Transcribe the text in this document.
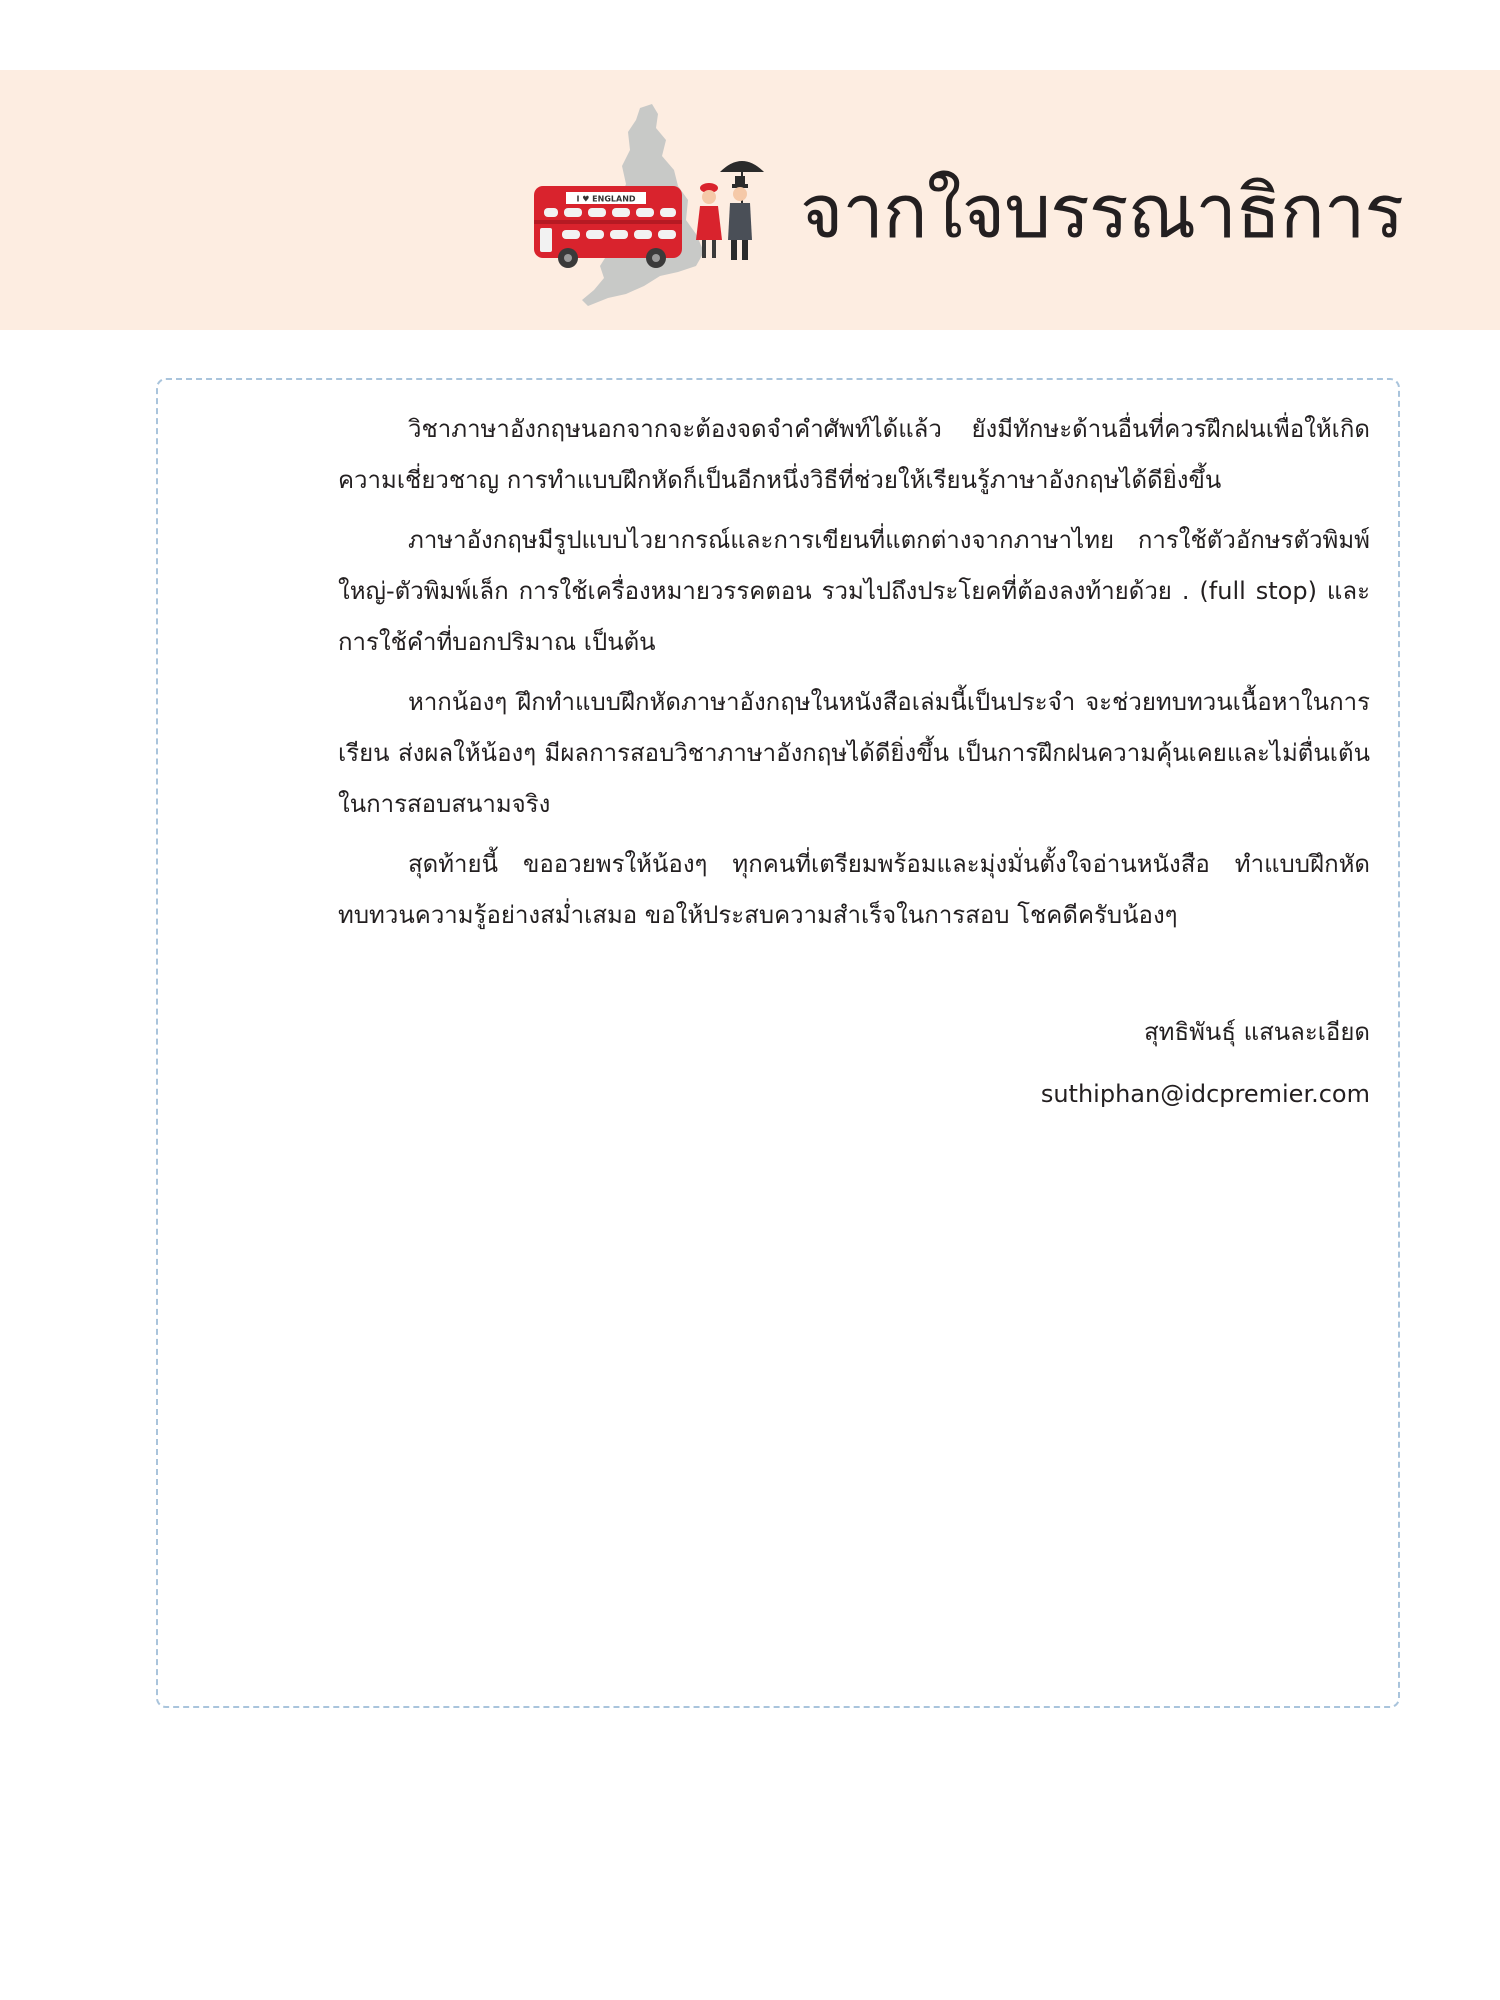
I ♥ ENGLAND จากใจบรรณาธิการ

วิชาภาษาอังกฤษนอกจากจะต้องจดจำคำศัพท์ได้แล้ว ยังมีทักษะด้านอื่นที่ควรฝึกฝนเพื่อให้เกิดความเชี่ยวชาญ การทำแบบฝึกหัดก็เป็นอีกหนึ่งวิธีที่ช่วยให้เรียนรู้ภาษาอังกฤษได้ดียิ่งขึ้น

ภาษาอังกฤษมีรูปแบบไวยากรณ์และการเขียนที่แตกต่างจากภาษาไทย การใช้ตัวอักษรตัวพิมพ์ใหญ่-ตัวพิมพ์เล็ก การใช้เครื่องหมายวรรคตอน รวมไปถึงประโยคที่ต้องลงท้ายด้วย . (full stop) และการใช้คำที่บอกปริมาณ เป็นต้น

หากน้องๆ ฝึกทำแบบฝึกหัดภาษาอังกฤษในหนังสือเล่มนี้เป็นประจำ จะช่วยทบทวนเนื้อหาในการเรียน ส่งผลให้น้องๆ มีผลการสอบวิชาภาษาอังกฤษได้ดียิ่งขึ้น เป็นการฝึกฝนความคุ้นเคยและไม่ตื่นเต้นในการสอบสนามจริง

สุดท้ายนี้ ขออวยพรให้น้องๆ ทุกคนที่เตรียมพร้อมและมุ่งมั่นตั้งใจอ่านหนังสือ ทำแบบฝึกหัดทบทวนความรู้อย่างสม่ำเสมอ ขอให้ประสบความสำเร็จในการสอบ โชคดีครับน้องๆ

สุทธิพันธุ์ แสนละเอียด
suthiphan@idcpremier.com
